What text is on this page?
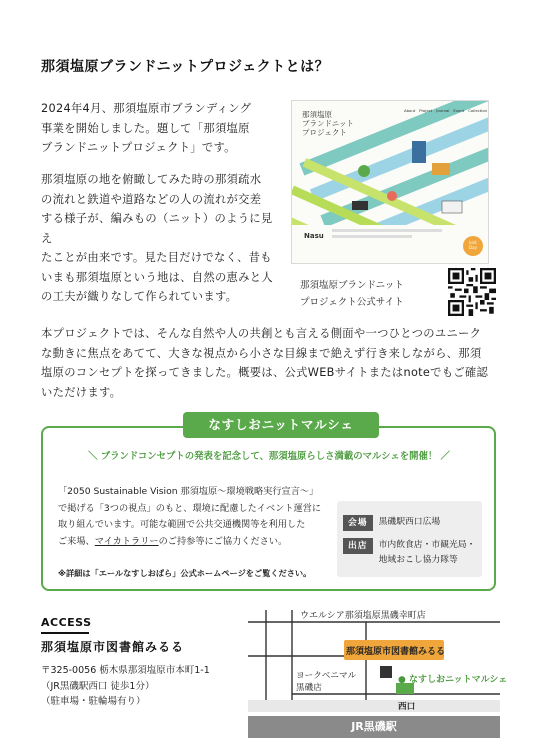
那須塩原ブランドニットプロジェクトとは？
2024年4月、那須塩原市ブランディング
事業を開始しました。題して「那須塩原
ブランドニットプロジェクト」です。
那須塩原の地を俯瞰してみた時の那須疏水
の流れと鉄道や道路などの人の流れが交差
する様子が、編みもの（ニット）のように見え
たことが由来です。見た目だけでなく、昔も
いまも那須塩原という地は、自然の恵みと人
の工夫が織りなして作られています。
那須塩原
ブランドニット
プロジェクト
About Project Journal Event Collection
Nasu
knit
Day
那須塩原ブランドニット
プロジェクト公式サイト
本プロジェクトでは、そんな自然や人の共創とも言える側面や一つひとつのユニーク
な動きに焦点をあてて、大きな視点から小さな目線まで絶えず行き来しながら、那須
塩原のコンセプトを探ってきました。概要は、公式WEBサイトまたはnoteでもご確認
いただけます。
なすしおニットマルシェ
＼ ブランドコンセプトの発表を記念して、那須塩原らしさ満載のマルシェを開催！ ／
「2050 Sustainable Vision 那須塩原～環境戦略実行宣言～」
で掲げる「3つの視点」のもと、環境に配慮したイベント運営に
取り組んでいます。可能な範囲で公共交通機関等を利用した
ご来場、マイカトラリーのご持参等にご協力ください。
※詳細は「エールなすしおばら」公式ホームページをご覧ください。
会場	黒磯駅西口広場
出店	市内飲食店・市観光局・
地域おこし協力隊等
ACCESS
那須塩原市図書館みるる
〒325-0056 栃木県那須塩原市本町1-1
（JR黒磯駅西口 徒歩1分）
（駐車場・駐輪場有り）
ウエルシア那須塩原黒磯幸町店
那須塩原市図書館みるる
ヨークベニマル
黒磯店
● なすしおニットマルシェ
西口
JR黒磯駅
